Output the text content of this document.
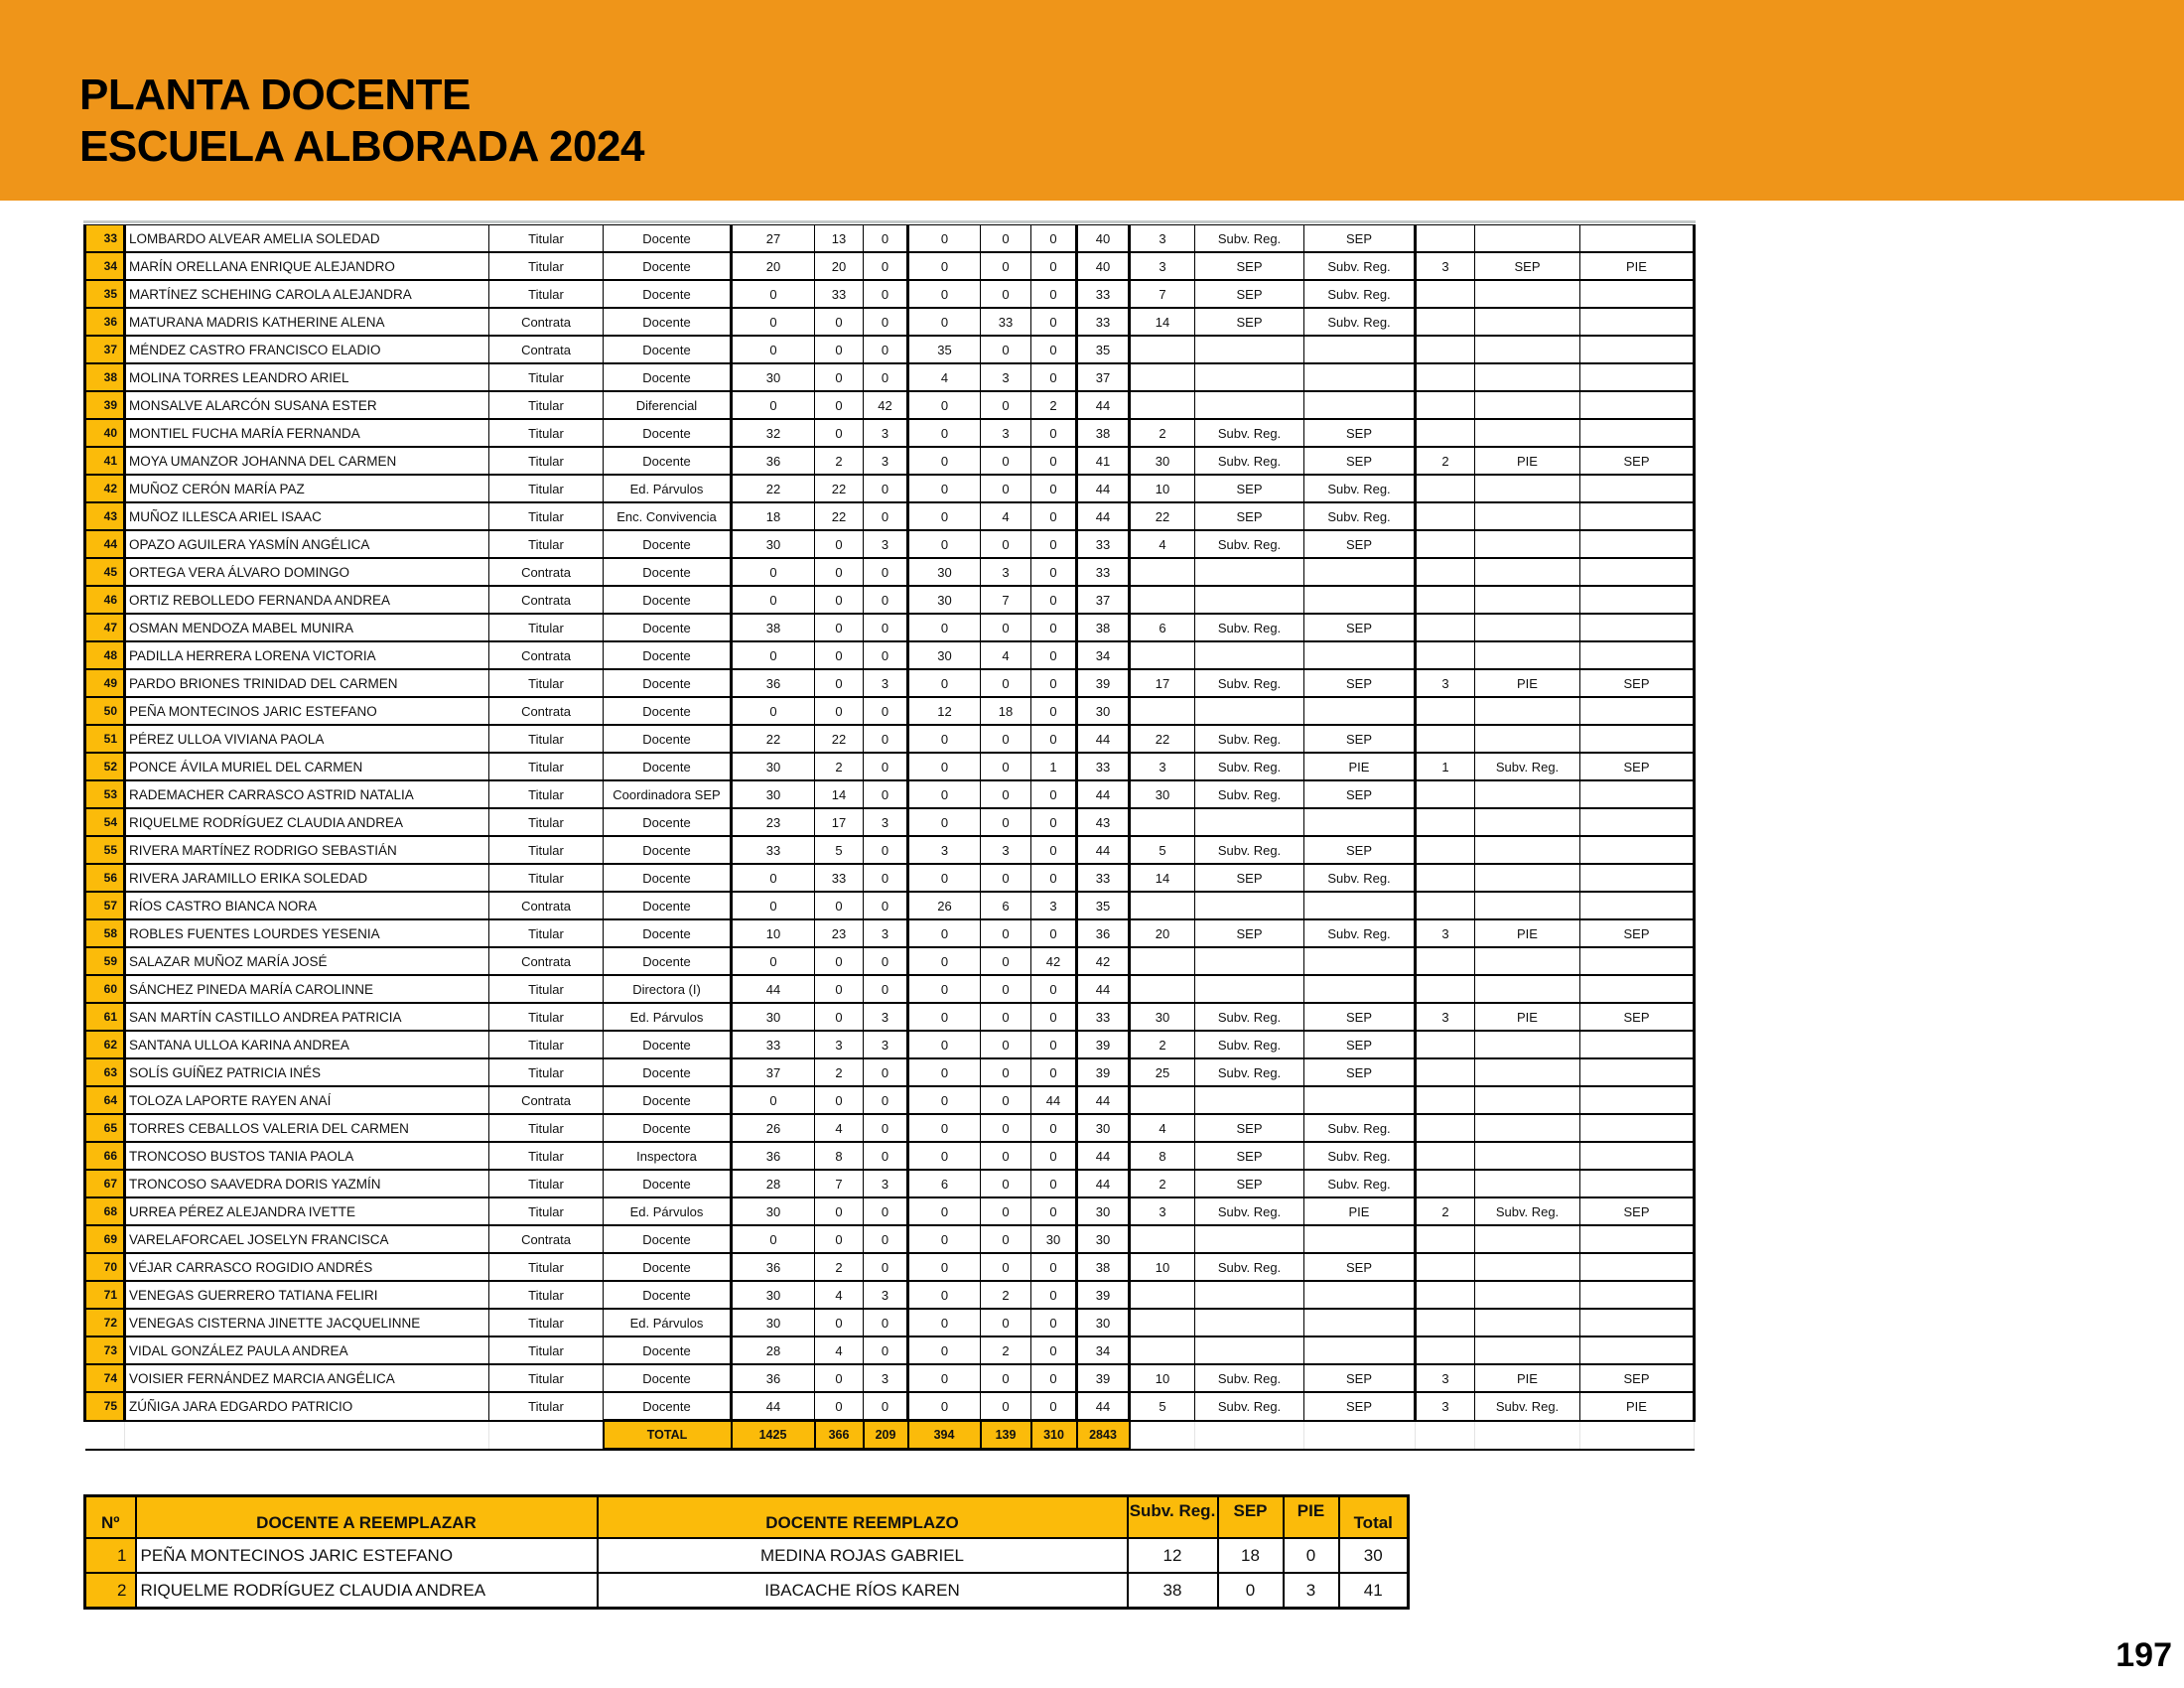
PLANTA DOCENTE
ESCUELA ALBORADA 2024
33	LOMBARDO ALVEAR AMELIA SOLEDAD	Titular	Docente	27	13	0	0	0	0	40	3	Subv. Reg.	SEP			
34	MARÍN ORELLANA ENRIQUE ALEJANDRO	Titular	Docente	20	20	0	0	0	0	40	3	SEP	Subv. Reg.	3	SEP	PIE
35	MARTÍNEZ SCHEHING CAROLA ALEJANDRA	Titular	Docente	0	33	0	0	0	0	33	7	SEP	Subv. Reg.			
36	MATURANA MADRIS KATHERINE ALENA	Contrata	Docente	0	0	0	0	33	0	33	14	SEP	Subv. Reg.			
37	MÉNDEZ CASTRO FRANCISCO ELADIO	Contrata	Docente	0	0	0	35	0	0	35						
38	MOLINA TORRES LEANDRO ARIEL	Titular	Docente	30	0	0	4	3	0	37						
39	MONSALVE ALARCÓN SUSANA ESTER	Titular	Diferencial	0	0	42	0	0	2	44						
40	MONTIEL FUCHA MARÍA FERNANDA	Titular	Docente	32	0	3	0	3	0	38	2	Subv. Reg.	SEP			
41	MOYA UMANZOR JOHANNA DEL CARMEN	Titular	Docente	36	2	3	0	0	0	41	30	Subv. Reg.	SEP	2	PIE	SEP
42	MUÑOZ CERÓN MARÍA PAZ	Titular	Ed. Párvulos	22	22	0	0	0	0	44	10	SEP	Subv. Reg.			
43	MUÑOZ ILLESCA ARIEL ISAAC	Titular	Enc. Convivencia	18	22	0	0	4	0	44	22	SEP	Subv. Reg.			
44	OPAZO AGUILERA YASMÍN ANGÉLICA	Titular	Docente	30	0	3	0	0	0	33	4	Subv. Reg.	SEP			
45	ORTEGA VERA ÁLVARO DOMINGO	Contrata	Docente	0	0	0	30	3	0	33						
46	ORTIZ REBOLLEDO FERNANDA ANDREA	Contrata	Docente	0	0	0	30	7	0	37						
47	OSMAN MENDOZA MABEL MUNIRA	Titular	Docente	38	0	0	0	0	0	38	6	Subv. Reg.	SEP			
48	PADILLA HERRERA LORENA VICTORIA	Contrata	Docente	0	0	0	30	4	0	34						
49	PARDO BRIONES TRINIDAD DEL CARMEN	Titular	Docente	36	0	3	0	0	0	39	17	Subv. Reg.	SEP	3	PIE	SEP
50	PEÑA MONTECINOS JARIC ESTEFANO	Contrata	Docente	0	0	0	12	18	0	30						
51	PÉREZ ULLOA VIVIANA PAOLA	Titular	Docente	22	22	0	0	0	0	44	22	Subv. Reg.	SEP			
52	PONCE ÁVILA MURIEL DEL CARMEN	Titular	Docente	30	2	0	0	0	1	33	3	Subv. Reg.	PIE	1	Subv. Reg.	SEP
53	RADEMACHER CARRASCO ASTRID NATALIA	Titular	Coordinadora SEP	30	14	0	0	0	0	44	30	Subv. Reg.	SEP			
54	RIQUELME RODRÍGUEZ CLAUDIA ANDREA	Titular	Docente	23	17	3	0	0	0	43						
55	RIVERA MARTÍNEZ RODRIGO SEBASTIÁN	Titular	Docente	33	5	0	3	3	0	44	5	Subv. Reg.	SEP			
56	RIVERA JARAMILLO ERIKA SOLEDAD	Titular	Docente	0	33	0	0	0	0	33	14	SEP	Subv. Reg.			
57	RÍOS CASTRO BIANCA NORA	Contrata	Docente	0	0	0	26	6	3	35						
58	ROBLES FUENTES LOURDES YESENIA	Titular	Docente	10	23	3	0	0	0	36	20	SEP	Subv. Reg.	3	PIE	SEP
59	SALAZAR MUÑOZ MARÍA JOSÉ	Contrata	Docente	0	0	0	0	0	42	42						
60	SÁNCHEZ PINEDA MARÍA CAROLINNE	Titular	Directora (I)	44	0	0	0	0	0	44						
61	SAN MARTÍN CASTILLO ANDREA PATRICIA	Titular	Ed. Párvulos	30	0	3	0	0	0	33	30	Subv. Reg.	SEP	3	PIE	SEP
62	SANTANA ULLOA KARINA ANDREA	Titular	Docente	33	3	3	0	0	0	39	2	Subv. Reg.	SEP			
63	SOLÍS GUÍÑEZ PATRICIA INÉS	Titular	Docente	37	2	0	0	0	0	39	25	Subv. Reg.	SEP			
64	TOLOZA LAPORTE RAYEN ANAÍ	Contrata	Docente	0	0	0	0	0	44	44						
65	TORRES CEBALLOS VALERIA DEL CARMEN	Titular	Docente	26	4	0	0	0	0	30	4	SEP	Subv. Reg.			
66	TRONCOSO BUSTOS TANIA PAOLA	Titular	Inspectora	36	8	0	0	0	0	44	8	SEP	Subv. Reg.			
67	TRONCOSO SAAVEDRA DORIS YAZMÍN	Titular	Docente	28	7	3	6	0	0	44	2	SEP	Subv. Reg.			
68	URREA PÉREZ ALEJANDRA IVETTE	Titular	Ed. Párvulos	30	0	0	0	0	0	30	3	Subv. Reg.	PIE	2	Subv. Reg.	SEP
69	VARELAFORCAEL JOSELYN FRANCISCA	Contrata	Docente	0	0	0	0	0	30	30						
70	VÉJAR CARRASCO ROGIDIO ANDRÉS	Titular	Docente	36	2	0	0	0	0	38	10	Subv. Reg.	SEP			
71	VENEGAS GUERRERO TATIANA FELIRI	Titular	Docente	30	4	3	0	2	0	39						
72	VENEGAS CISTERNA JINETTE JACQUELINNE	Titular	Ed. Párvulos	30	0	0	0	0	0	30						
73	VIDAL GONZÁLEZ PAULA ANDREA	Titular	Docente	28	4	0	0	2	0	34						
74	VOISIER FERNÁNDEZ MARCIA ANGÉLICA	Titular	Docente	36	0	3	0	0	0	39	10	Subv. Reg.	SEP	3	PIE	SEP
75	ZÚÑIGA JARA EDGARDO PATRICIO	Titular	Docente	44	0	0	0	0	0	44	5	Subv. Reg.	SEP	3	Subv. Reg.	PIE
			TOTAL	1425	366	209	394	139	310	2843						
Nº	DOCENTE A REEMPLAZAR	DOCENTE REEMPLAZO	Subv. Reg.	SEP	PIE	Total
1	PEÑA MONTECINOS JARIC ESTEFANO	MEDINA ROJAS GABRIEL	12	18	0	30
2	RIQUELME RODRÍGUEZ CLAUDIA ANDREA	IBACACHE RÍOS KAREN	38	0	3	41
197
